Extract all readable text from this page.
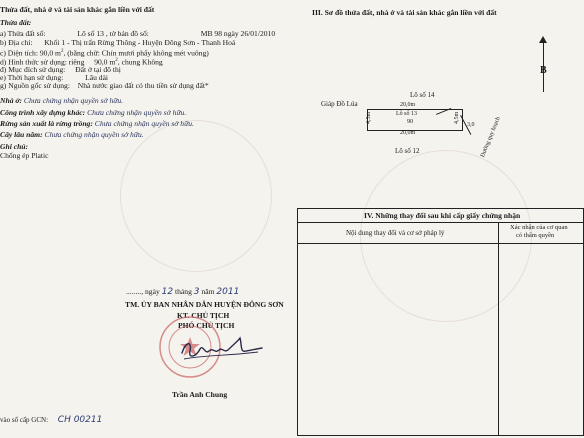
Thửa đất, nhà ở và tài sản khác gắn liền với đất
Thửa đất:
a) Thửa đất số:	Lô số 13 , tờ bản đồ số:	MB 98 ngày 26/01/2010
b) Địa chỉ: Khối 1 - Thị trấn Rừng Thông - Huyện Đông Sơn - Thanh Hoá
c) Diện tích: 90,0 $m^2$, (bằng chữ: Chín mươi phẩy không mét vuông)
d) Hình thức sử dụng: riêng 90,0 $m^2$, chung Không
đ) Mục đích sử dụng: Đất ở tại đô thị
e) Thời hạn sử dụng:	Lâu dài
g) Nguồn gốc sử dụng: Nhà nước giao đất có thu tiền sử dụng đất*
Nhà ở: Chưa chứng nhận quyền sở hữu.
Công trình xây dựng khác: Chưa chứng nhận quyền sở hữu.
Rừng sản xuất là rừng trồng: Chưa chứng nhận quyền sở hữu.
Cây lâu năm: Chưa chứng nhận quyền sở hữu.
Ghi chú:
Chống ép Platic
........, ngày 12 tháng 3 năm 2011
TM. ỦY BAN NHÂN DÂN HUYỆN ĐÔNG SƠN
KT. CHỦ TỊCH
PHÓ CHỦ TỊCH
Trần Anh Chung
vào sổ cấp GCN: CH 00211
III. Sơ đồ thửa đất, nhà ở và tài sản khác gắn liền với đất
B
Lô số 14
Lô số 12
Giáp Đồ Lúa	20,0m
20,0m
Lô số 13
90
4,5m	4,5m
3,0 Đường quy hoạch
IV. Những thay đổi sau khi cấp giấy chứng nhận
Nội dung thay đổi và cơ sở pháp lý
Xác nhận của cơ quan
có thẩm quyền
